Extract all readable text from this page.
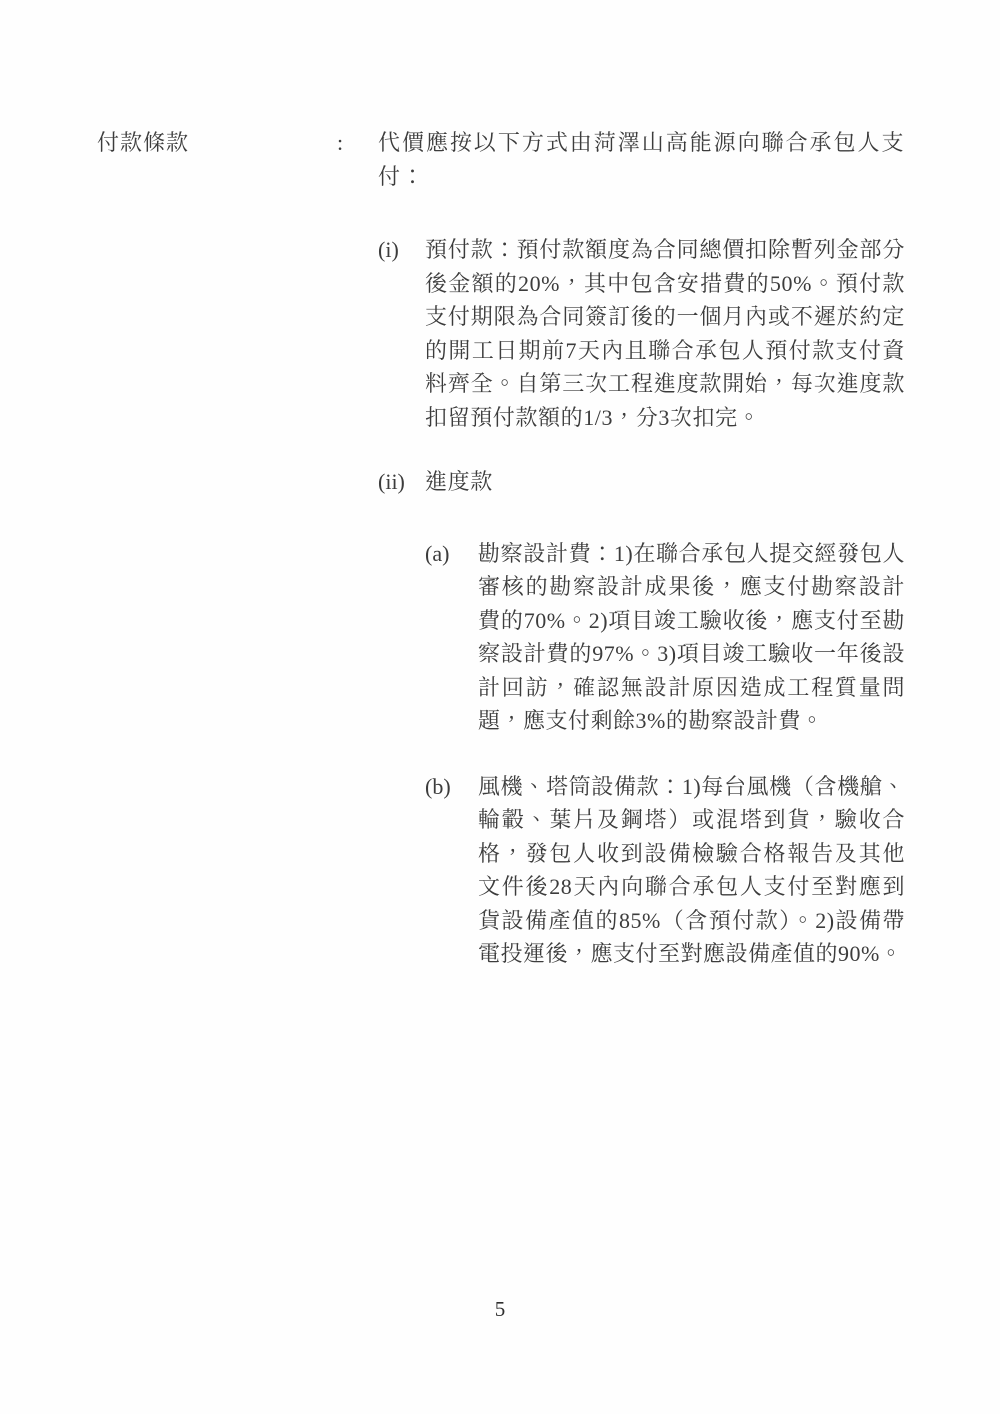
付款條款	:	代價應按以下方式由菏澤山高能源向聯合承包人支付：

(i)	預付款：預付款額度為合同總價扣除暫列金部分後金額的20%，其中包含安措費的50%。預付款支付期限為合同簽訂後的一個月內或不遲於約定的開工日期前7天內且聯合承包人預付款支付資料齊全。自第三次工程進度款開始，每次進度款扣留預付款額的1/3，分3次扣完。
(ii) 進度款
(a)	勘察設計費：1)在聯合承包人提交經發包人審核的勘察設計成果後，應支付勘察設計費的70%。2)項目竣工驗收後，應支付至勘察設計費的97%。3)項目竣工驗收一年後設計回訪，確認無設計原因造成工程質量問題，應支付剩餘3%的勘察設計費。
(b)	風機、塔筒設備款：1)每台風機（含機艙、輪轂、葉片及鋼塔）或混塔到貨，驗收合格，發包人收到設備檢驗合格報告及其他文件後28天內向聯合承包人支付至對應到貨設備產值的85%（含預付款）。2)設備帶電投運後，應支付至對應設備產值的90%。
5
